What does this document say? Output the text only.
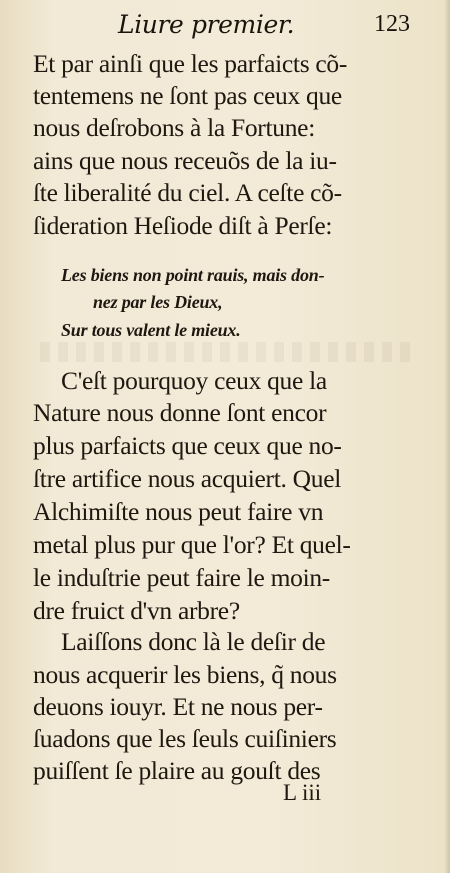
Liure premier.	123
Et par ainſi que les parfaicts cõ-
tentemens ne ſont pas ceux que
nous deſrobons à la Fortune:
ains que nous receuõs de la iu-
ſte liberalité du ciel. A ceſte cõ-
ſideration Heſiode diſt à Perſe:
Les biens non point rauis, mais don-
nez par les Dieux,
Sur tous valent le mieux.
C'eſt pourquoy ceux que la
Nature nous donne ſont encor
plus parfaicts que ceux que no-
ſtre artifice nous acquiert. Quel
Alchimiſte nous peut faire vn
metal plus pur que l'or? Et quel-
le induſtrie peut faire le moin-
dre fruict d'vn arbre?
Laiſſons donc là le deſir de
nous acquerir les biens, q̃ nous
deuons iouyr. Et ne nous per-
ſuadons que les ſeuls cuiſiniers
puiſſent ſe plaire au gouſt des
L iii
